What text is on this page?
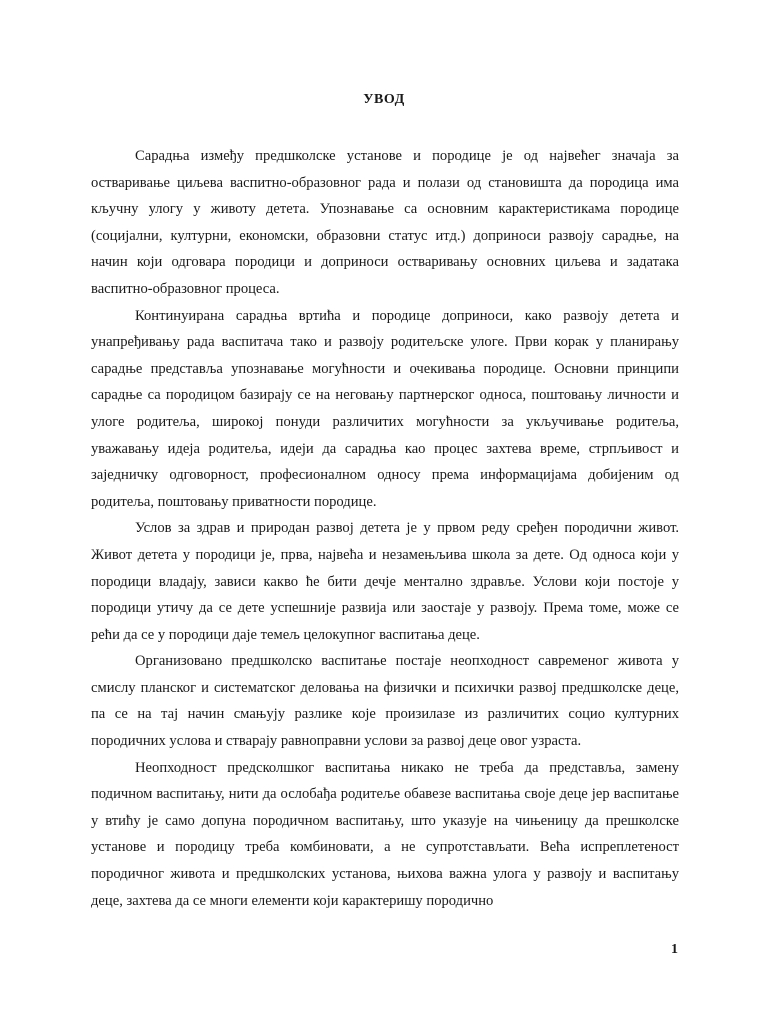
УВОД

Сарадња између предшколске установе и породице је од највећег значаја за остваривање циљева васпитно-образовног рада и полази од становишта да породица има кључну улогу у животу детета. Упознавање са основним карактеристикама породице (социјални, културни, економски, образовни статус итд.) доприноси развоју сарадње, на начин који одговара породици и доприноси остваривању основних циљева и задатака васпитно-образовног процеса.

Континуирана сарадња вртића и породице доприноси, како развоју детета и унапређивању рада васпитача тако и развоју родитељске улоге. Први корак у планирању сарадње представља упознавање могућности и очекивања породице. Основни принципи сарадње са породицом базирају се на неговању партнерског односа, поштовању личности и улоге родитеља, широкој понуди различитих могућности за укључивање родитеља, уважавању идеја родитеља, идеји да сарадња као процес захтева време, стрпљивост и заједничку одговорност, професионалном односу према информацијама добијеним од родитеља, поштовању приватности породице.

Услов за здрав и природан развој детета је у првом реду сређен породични живот. Живот детета у породици је, прва, највећа и незамењљива школа за дете. Од односа који у породици владају, зависи какво ће бити дечје ментално здравље. Услови који постоје у породици утичу да се дете успешније развија или заостаје у развоју. Према томе, може се рећи да се у породици даје темељ целокупног васпитања деце.

Организовано предшколско васпитање постаје неопходност савременог живота у смислу планског и систематског деловања на физички и психички развој предшколске деце, па се на тај начин смањују разлике које произилазе из различитих социо културних породичних услова и стварају равноправни услови за развој деце овог узраста.

Неопходност предсколшког васпитања никако не треба да представља, замену подичном васпитању, нити да ослобађа родитеље обавезе васпитања своје деце јер васпитање у втићу је само допуна породичном васпитању, што указује на чињеницу да прешколске установе и породицу треба комбиновати, а не супротстављати. Већа испреплетеност породичног живота и предшколских установа, њихова важна улога у развоју и васпитању деце, захтева да се многи елементи који карактеришу породично

1
